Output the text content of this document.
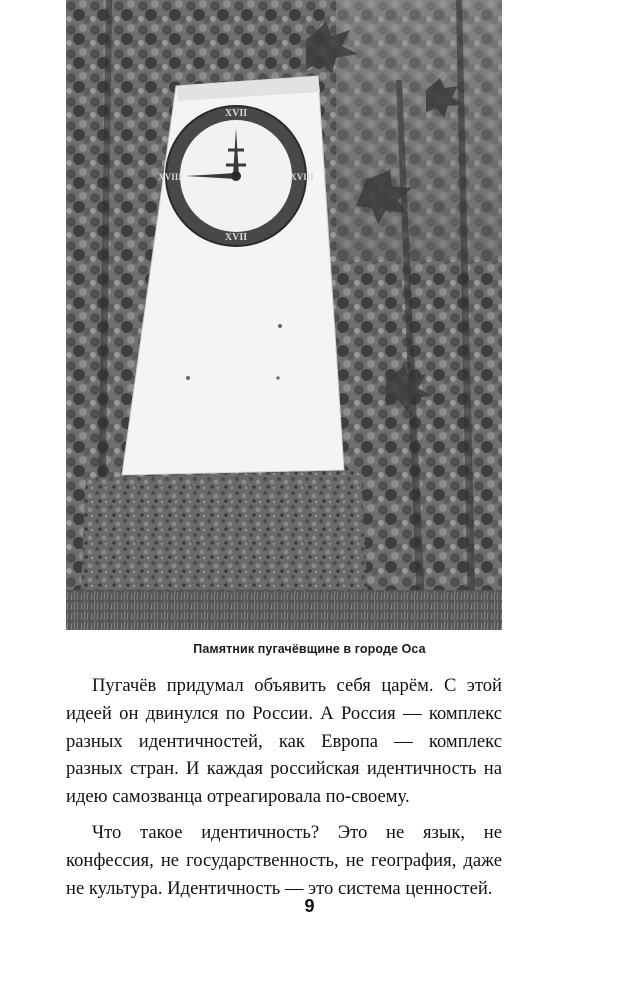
XVII
XVIII
XVIII
XVII
Памятник пугачёвщине в городе Оса

Пугачёв придумал объявить себя царём. С этой идеей он двинулся по России. А Россия — комплекс разных идентичностей, как Европа — комплекс разных стран. И каждая российская идентичность на идею самозванца отреагировала по-своему.

Что такое идентичность? Это не язык, не конфессия, не государственность, не география, даже не культура. Идентичность — это система ценностей.

9
